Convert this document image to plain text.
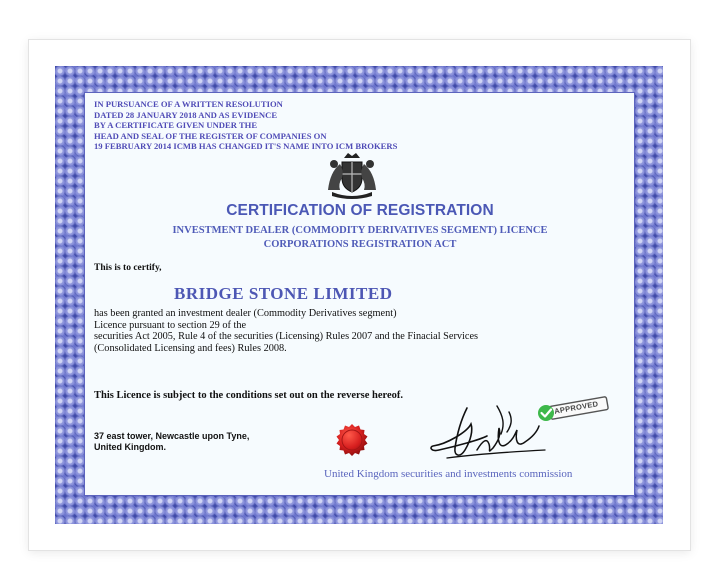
IN PURSUANCE OF A WRITTEN RESOLUTION
DATED 28 JANUARY 2018 AND AS EVIDENCE
BY A CERTIFICATE GIVEN UNDER THE
HEAD AND SEAL OF THE REGISTER OF COMPANIES ON
19 FEBRUARY 2014 ICMB HAS CHANGED IT'S NAME INTO ICM BROKERS
CERTIFICATION OF REGISTRATION
INVESTMENT DEALER (COMMODITY DERIVATIVES SEGMENT) LICENCE
CORPORATIONS REGISTRATION ACT
This is to certify,
BRIDGE STONE LIMITED
has been granted an investment dealer (Commodity Derivatives segment)
Licence pursuant to section 29 of the
securities Act 2005, Rule 4 of the securities (Licensing) Rules 2007 and the Finacial Services
(Consolidated Licensing and fees) Rules 2008.
This Licence is subject to the conditions set out on the reverse hereof.
37 east tower, Newcastle upon Tyne,
United Kingdom.
APPROVED
United Kingdom securities and investments commission
